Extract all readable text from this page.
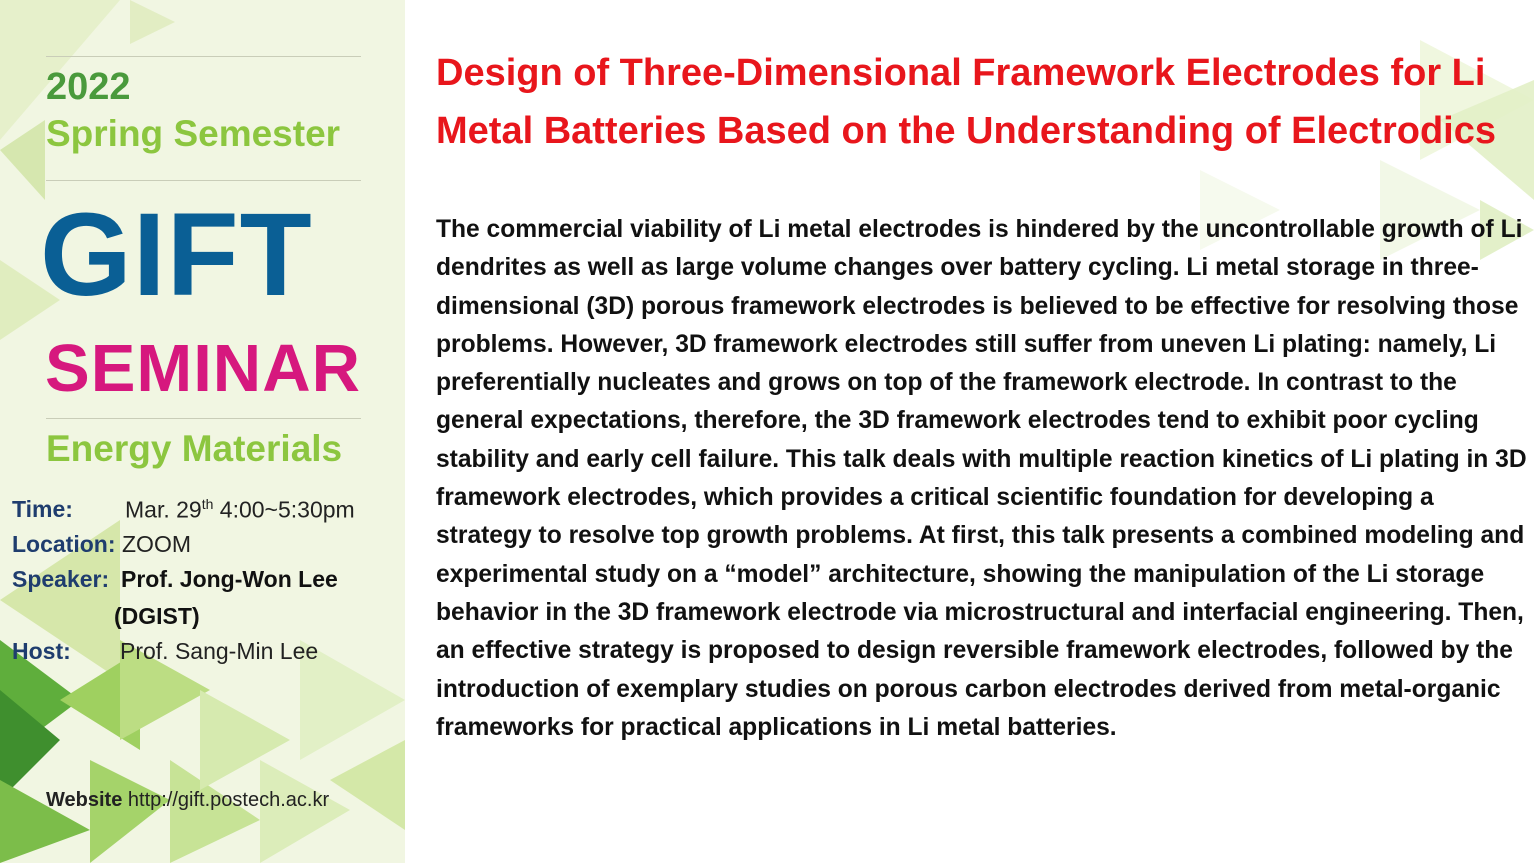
2022
Spring Semester
GIFT
SEMINAR
Energy Materials
Time: Mar. 29th 4:00~5:30pm
Location: ZOOM
Speaker: Prof. Jong-Won Lee
(DGIST)
Host: Prof. Sang-Min Lee
Website http://gift.postech.ac.kr
Design of Three-Dimensional Framework Electrodes for Li Metal Batteries Based on the Understanding of Electrodics

The commercial viability of Li metal electrodes is hindered by the uncontrollable growth of Li dendrites as well as large volume changes over battery cycling. Li metal storage in three-dimensional (3D) porous framework electrodes is believed to be effective for resolving those problems. However, 3D framework electrodes still suffer from uneven Li plating: namely, Li preferentially nucleates and grows on top of the framework electrode. In contrast to the general expectations, therefore, the 3D framework electrodes tend to exhibit poor cycling stability and early cell failure. This talk deals with multiple reaction kinetics of Li plating in 3D framework electrodes, which provides a critical scientific foundation for developing a strategy to resolve top growth problems. At first, this talk presents a combined modeling and experimental study on a “model” architecture, showing the manipulation of the Li storage behavior in the 3D framework electrode via microstructural and interfacial engineering. Then, an effective strategy is proposed to design reversible framework electrodes, followed by the introduction of exemplary studies on porous carbon electrodes derived from metal-organic frameworks for practical applications in Li metal batteries.
